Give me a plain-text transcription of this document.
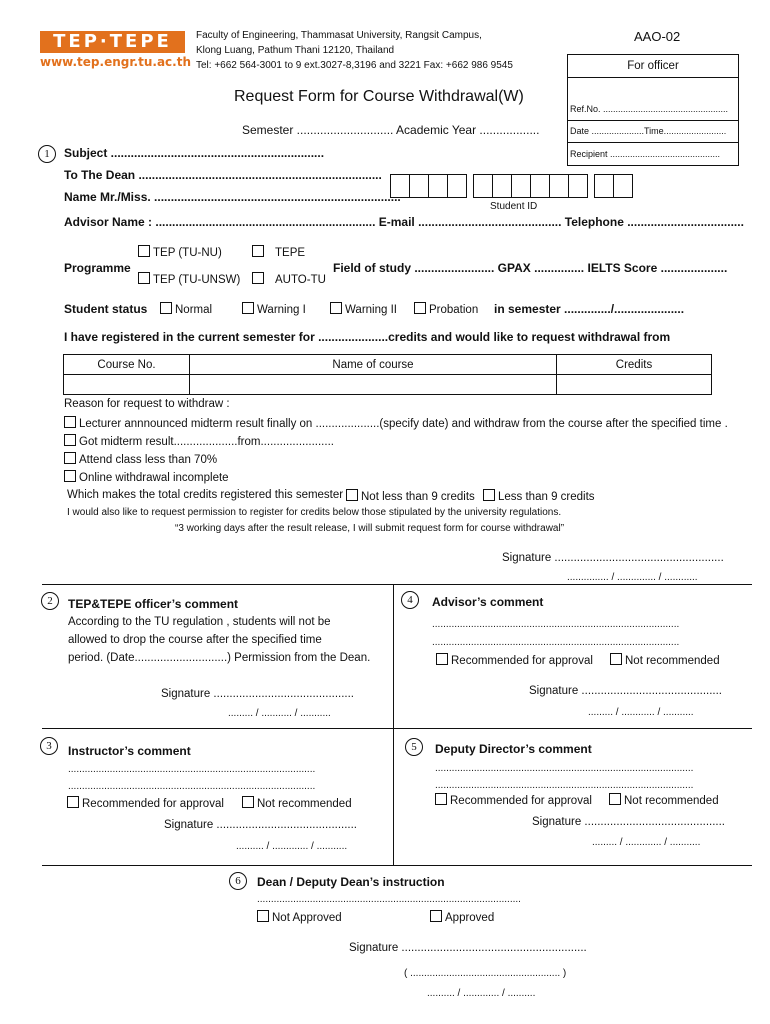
TEP·TEPE
www.tep.engr.tu.ac.th
Faculty of Engineering, Thammasat University, Rangsit Campus,
Klong Luang, Pathum Thani 12120, Thailand
Tel: +662 564-3001 to 9 ext.3027-8,3196 and 3221 Fax: +662 986 9545
AAO-02
For officer
Ref.No. ..................................................
Date .....................Time.........................
Recipient ............................................
Request Form for Course Withdrawal(W)
Semester ............................. Academic Year ..................
1	Subject ................................................................
To The Dean .........................................................................
Name Mr./Miss. ..........................................................................

Student ID
Advisor Name : .................................................................. E-mail ........................................... Telephone ...................................
TEP (TU-NU)	TEPE
Programme
TEP (TU-UNSW)	AUTO-TU
Field of study ........................ GPAX ............... IELTS Score ....................
Student status	Normal	Warning I	Warning II	Probation in semester ............../.....................
I have registered in the current semester for .....................credits and would like to request withdrawal from
Course No.	Name of course	Credits

Reason for request to withdraw :
Lecturer annnounced midterm result finally on ....................(specify date) and withdraw from the course after the specified time .
Got midterm result....................from.......................
Attend class less than 70%
Online withdrawal incomplete
Which makes the total credits registered this semester	Not less than 9 credits	Less than 9 credits
I would also like to request permission to register for credits below those stipulated by the university regulations.
“3 working days after the result release, I will submit request form for course withdrawal”
Signature .....................................................
............... / .............. / ............
2	TEP&TEPE officer’s comment
According to the TU regulation , students will not be
allowed to drop the course after the specified time
period. (Date.............................) Permission from the Dean.
Signature ............................................
......... / ........... / ...........
4	Advisor’s comment
.........................................................................................
.........................................................................................
Recommended for approval	Not recommended
Signature ............................................
......... / ............ / ...........
3	Instructor’s comment
.........................................................................................
.........................................................................................
Recommended for approval	Not recommended
Signature ............................................
.......... / ............. / ...........
5	Deputy Director’s comment
.............................................................................................
.............................................................................................
Recommended for approval	Not recommended
Signature ............................................
......... / ............. / ...........
6	Dean / Deputy Dean’s instruction
...............................................................................................
Not Approved	Approved
Signature ..........................................................
( ...................................................... )
.......... / ............. / ..........
